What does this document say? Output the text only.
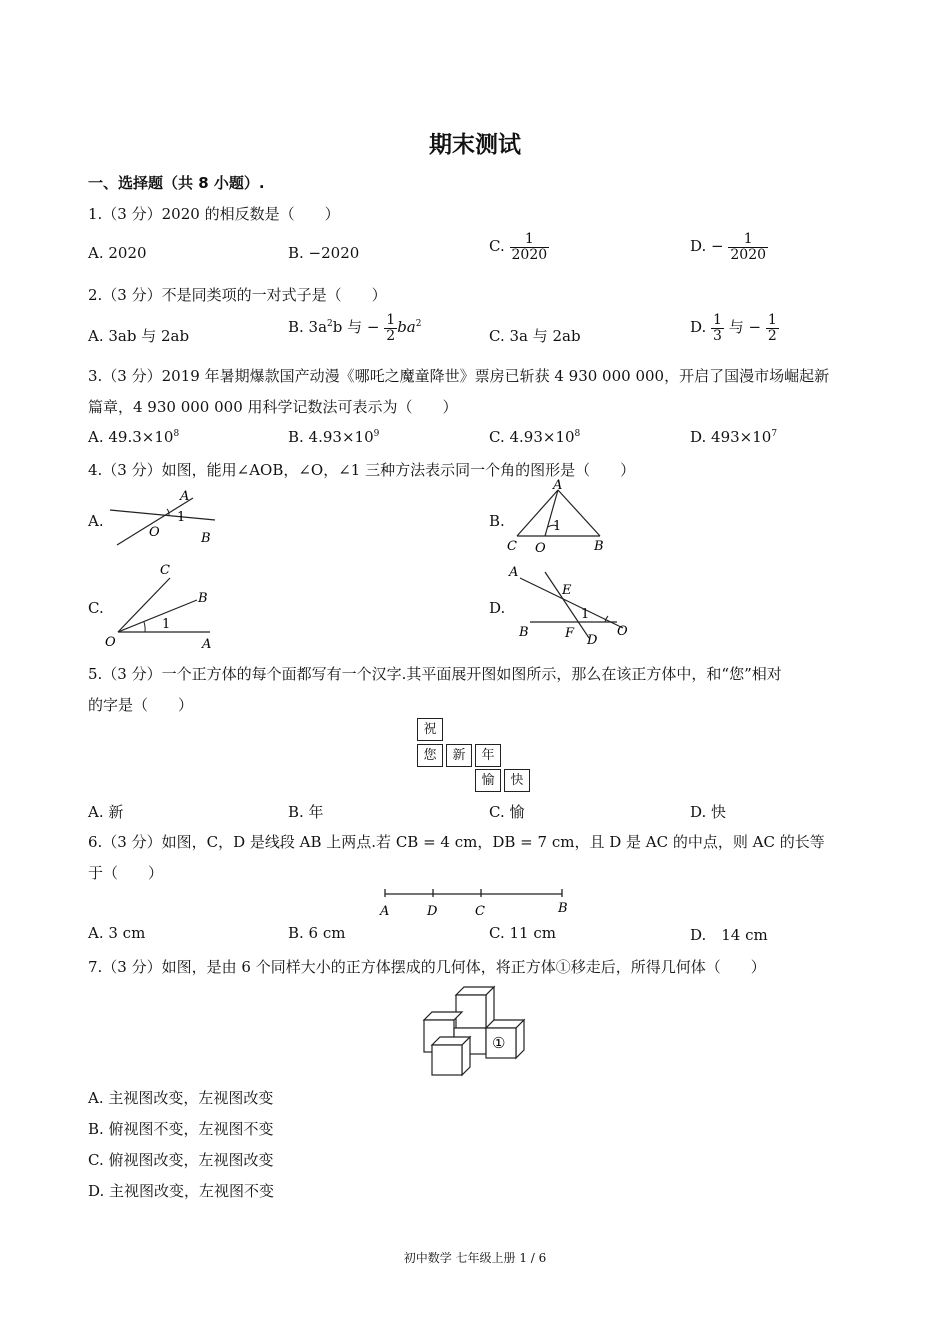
期末测试
一、选择题（共 8 小题）.
1.（3 分）2020 的相反数是（　　）
A. 2020	B. −2020	C. $\frac{1}{2020}$	D. − $\frac{1}{2020}$
2.（3 分）不是同类项的一对式子是（　　）
A. 3ab 与 2ab	B. $3a^2b$ 与 − $\frac{1}{2} ba^2$
C. 3a 与 2ab	D. $\frac{1}{3}$ 与 − $\frac{1}{2}$
3.（3 分）2019 年暑期爆款国产动漫《哪吒之魔童降世》票房已斩获 4 930 000 000，开启了国漫市场崛起新
篇章，4 930 000 000 用科学记数法可表示为（　　）
A. $49.3\times 10^8$	B. $4.93\times 10^9$	C. $4.93\times 10^8$	D. $493\times 10^7$
4.（3 分）如图，能用∠AOB，∠O，∠1 三种方法表示同一个角的图形是（　　）
A.	B.
C.	D.
A
1
O	B
A
1
C O	B
C
B
1
O	A
A
E
1
O
B	F D
5.（3 分）一个正方体的每个面都写有一个汉字.其平面展开图如图所示，那么在该正方体中，和“您”相对
的字是（　　）
祝
您	新	年
愉	快
A. 新	B. 年	C. 愉	D. 快
6.（3 分）如图，C，D 是线段 AB 上两点.若 CB = 4 cm，DB = 7 cm，且 D 是 AC 的中点，则 AC 的长等
于（　　）
A	D	C	B
A. 3 cm	B. 6 cm	C. 11 cm	D.　14 cm
7.（3 分）如图，是由 6 个同样大小的正方体摆成的几何体，将正方体①移走后，所得几何体（　　）
①
A. 主视图改变，左视图改变
B. 俯视图不变，左视图不变
C. 俯视图改变，左视图改变
D. 主视图改变，左视图不变
初中数学 七年级上册 1 / 6
